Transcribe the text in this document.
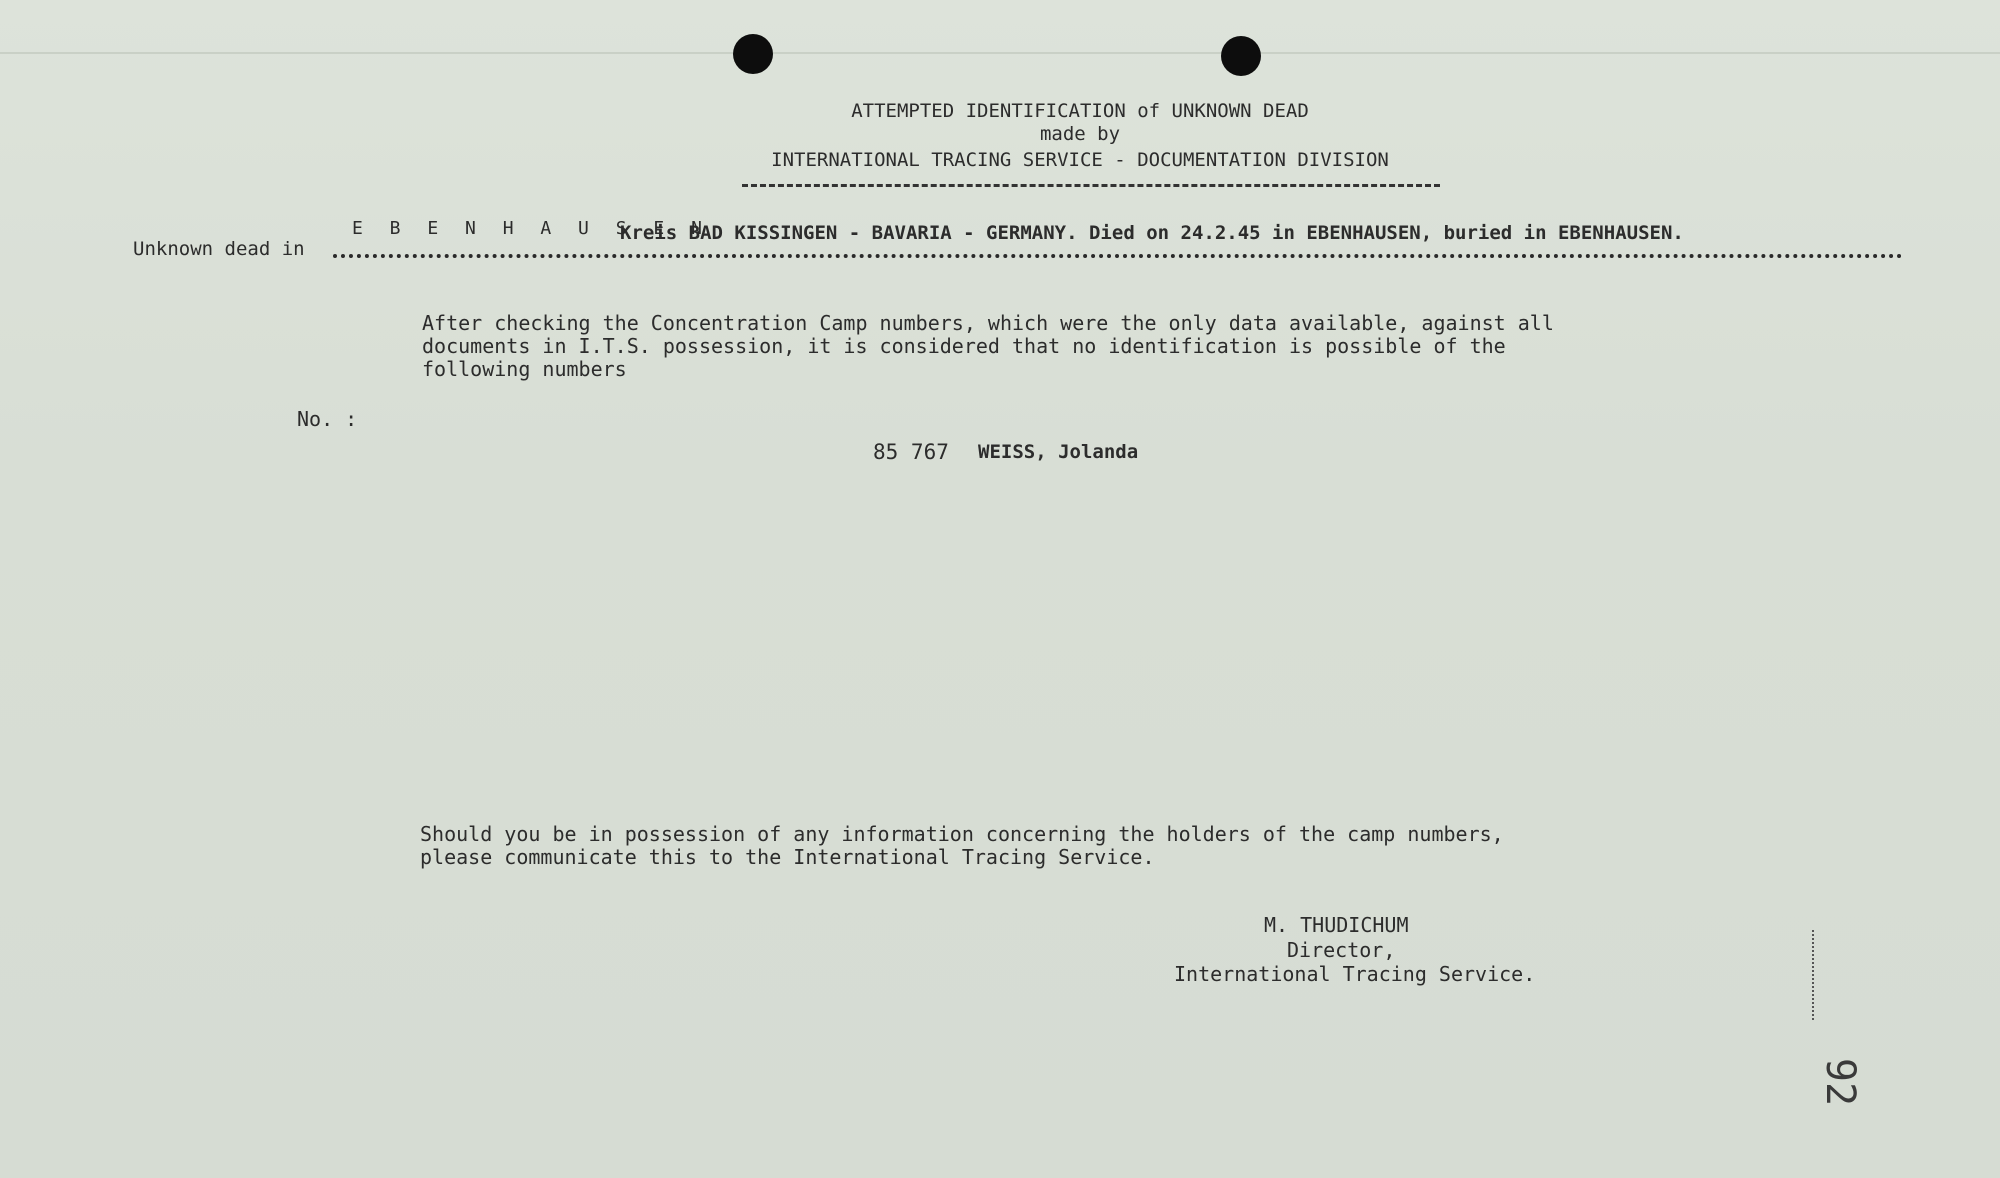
ATTEMPTED IDENTIFICATION of UNKNOWN DEAD
made by
INTERNATIONAL TRACING SERVICE - DOCUMENTATION DIVISION
Unknown dead in
E B E N H A U S E N
Kreis BAD KISSINGEN - BAVARIA - GERMANY. Died on 24.2.45 in EBENHAUSEN, buried in EBENHAUSEN.
After checking the Concentration Camp numbers, which were the only data available, against all
documents in I.T.S. possession, it is considered that no identification is possible of the
following numbers
No. :
85 767 WEISS, Jolanda
Should you be in possession of any information concerning the holders of the camp numbers,
please communicate this to the International Tracing Service.
M. THUDICHUM
Director,
International Tracing Service.
92
